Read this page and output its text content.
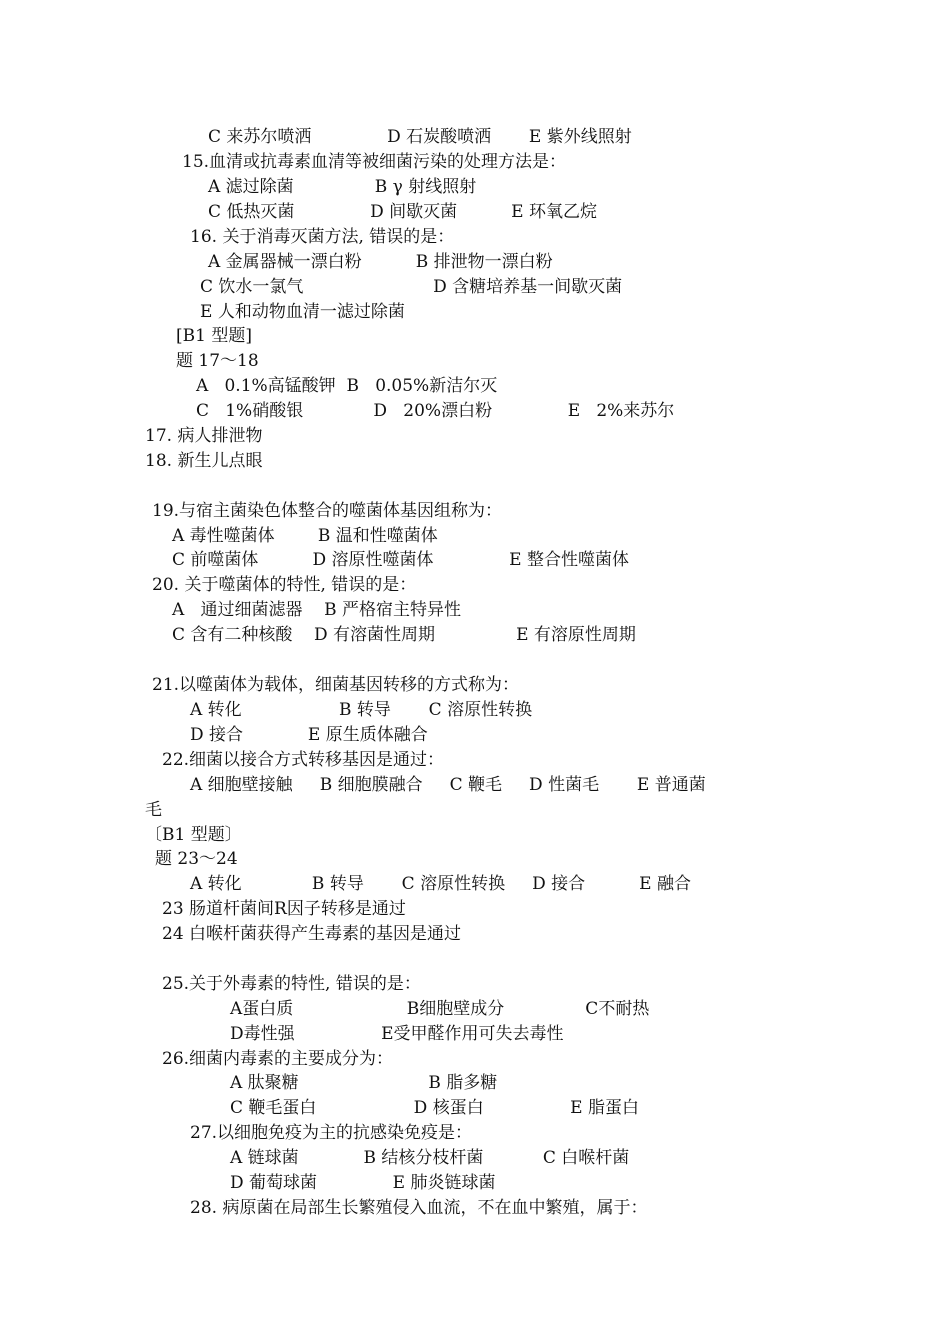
C 来苏尔喷洒              D 石炭酸喷洒       E 紫外线照射
15.血清或抗毒素血清等被细菌污染的处理方法是：
A 滤过除菌               B γ 射线照射
C 低热灭菌              D 间歇灭菌          E 环氧乙烷
16. 关于消毒灭菌方法, 错误的是：
A 金属器械一漂白粉          B 排泄物一漂白粉
C 饮水一氯气                        D 含糖培养基一间歇灭菌
E 人和动物血清一滤过除菌
[B1 型题]
题 17～18
A   0.1%高锰酸钾  B   0.05%新洁尔灭
C   1%硝酸银             D   20%漂白粉              E   2%来苏尔
17. 病人排泄物
18. 新生儿点眼
19.与宿主菌染色体整合的噬菌体基因组称为：
A 毒性噬菌体        B 温和性噬菌体
C 前噬菌体          D 溶原性噬菌体              E 整合性噬菌体
20. 关于噬菌体的特性, 错误的是：
A   通过细菌滤器    B 严格宿主特异性
C 含有二种核酸    D 有溶菌性周期               E 有溶原性周期
21.以噬菌体为载体，细菌基因转移的方式称为：
A 转化                  B 转导       C 溶原性转换
D 接合            E 原生质体融合
22.细菌以接合方式转移基因是通过：
A 细胞壁接触     B 细胞膜融合     C 鞭毛     D 性菌毛       E 普通菌
毛
〔B1 型题〕
题 23～24
A 转化             B 转导       C 溶原性转换     D 接合          E 融合
23 肠道杆菌间R因子转移是通过
24 白喉杆菌获得产生毒素的基因是通过
25.关于外毒素的特性, 错误的是：
A蛋白质                     B细胞壁成分               C不耐热
D毒性强                E受甲醛作用可失去毒性
26.细菌内毒素的主要成分为：
A 肽聚糖                        B 脂多糖
C 鞭毛蛋白                  D 核蛋白                E 脂蛋白
27.以细胞免疫为主的抗感染免疫是：
A 链球菌            B 结核分枝杆菌           C 白喉杆菌
D 葡萄球菌              E 肺炎链球菌
28. 病原菌在局部生长繁殖侵入血流，不在血中繁殖，属于：
